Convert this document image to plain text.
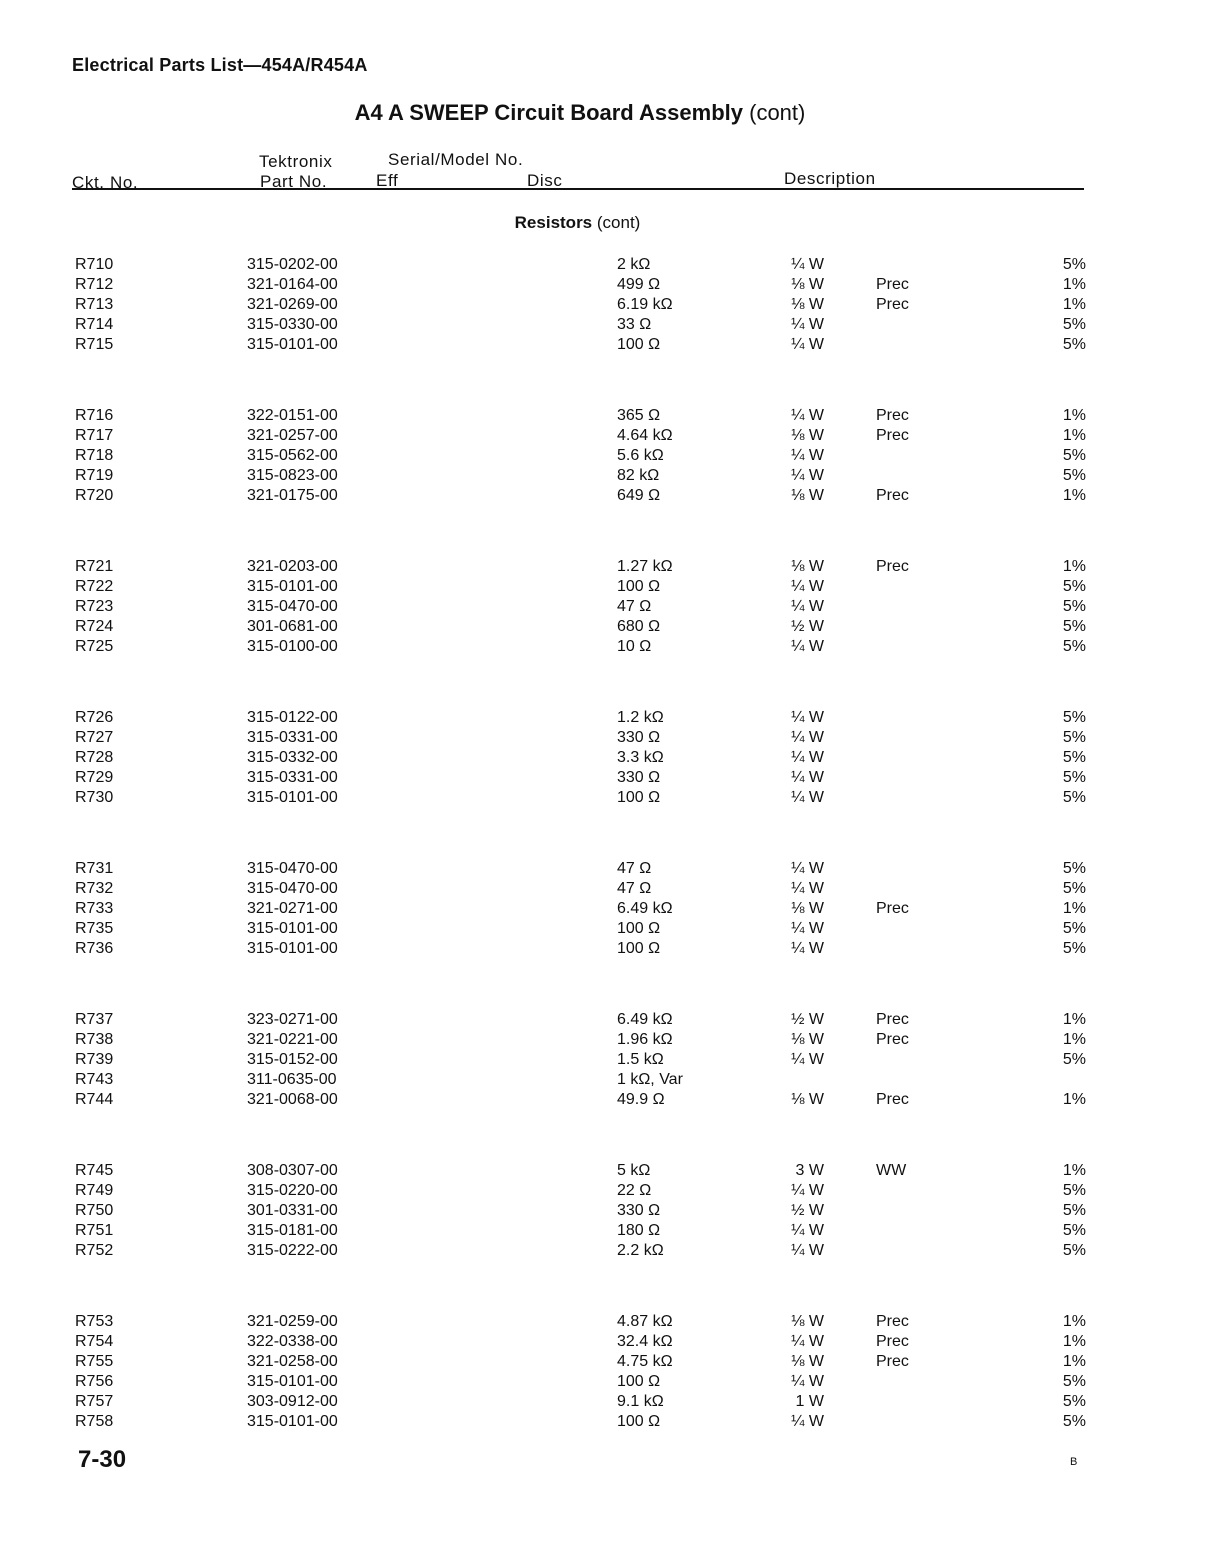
Electrical Parts List—454A/R454A
A4 A SWEEP Circuit Board Assembly (cont)
Tektronix	Serial/Model No.
Ckt. No.	Part No.	Eff	Disc	Description
Resistors (cont)
R710	315-0202-00	2 kΩ	¼ W	5%
R712	321-0164-00	499 Ω	⅛ W	Prec	1%
R713	321-0269-00	6.19 kΩ	⅛ W	Prec	1%
R714	315-0330-00	33 Ω	¼ W	5%
R715	315-0101-00	100 Ω	¼ W	5%
R716	322-0151-00	365 Ω	¼ W	Prec	1%
R717	321-0257-00	4.64 kΩ	⅛ W	Prec	1%
R718	315-0562-00	5.6 kΩ	¼ W	5%
R719	315-0823-00	82 kΩ	¼ W	5%
R720	321-0175-00	649 Ω	⅛ W	Prec	1%
R721	321-0203-00	1.27 kΩ	⅛ W	Prec	1%
R722	315-0101-00	100 Ω	¼ W	5%
R723	315-0470-00	47 Ω	¼ W	5%
R724	301-0681-00	680 Ω	½ W	5%
R725	315-0100-00	10 Ω	¼ W	5%
R726	315-0122-00	1.2 kΩ	¼ W	5%
R727	315-0331-00	330 Ω	¼ W	5%
R728	315-0332-00	3.3 kΩ	¼ W	5%
R729	315-0331-00	330 Ω	¼ W	5%
R730	315-0101-00	100 Ω	¼ W	5%
R731	315-0470-00	47 Ω	¼ W	5%
R732	315-0470-00	47 Ω	¼ W	5%
R733	321-0271-00	6.49 kΩ	⅛ W	Prec	1%
R735	315-0101-00	100 Ω	¼ W	5%
R736	315-0101-00	100 Ω	¼ W	5%
R737	323-0271-00	6.49 kΩ	½ W	Prec	1%
R738	321-0221-00	1.96 kΩ	⅛ W	Prec	1%
R739	315-0152-00	1.5 kΩ	¼ W	5%
R743	311-0635-00	1 kΩ, Var
R744	321-0068-00	49.9 Ω	⅛ W	Prec	1%
R745	308-0307-00	5 kΩ	3 W	WW	1%
R749	315-0220-00	22 Ω	¼ W	5%
R750	301-0331-00	330 Ω	½ W	5%
R751	315-0181-00	180 Ω	¼ W	5%
R752	315-0222-00	2.2 kΩ	¼ W	5%
R753	321-0259-00	4.87 kΩ	⅛ W	Prec	1%
R754	322-0338-00	32.4 kΩ	¼ W	Prec	1%
R755	321-0258-00	4.75 kΩ	⅛ W	Prec	1%
R756	315-0101-00	100 Ω	¼ W	5%
R757	303-0912-00	9.1 kΩ	1 W	5%
R758	315-0101-00	100 Ω	¼ W	5%
7-30	B
